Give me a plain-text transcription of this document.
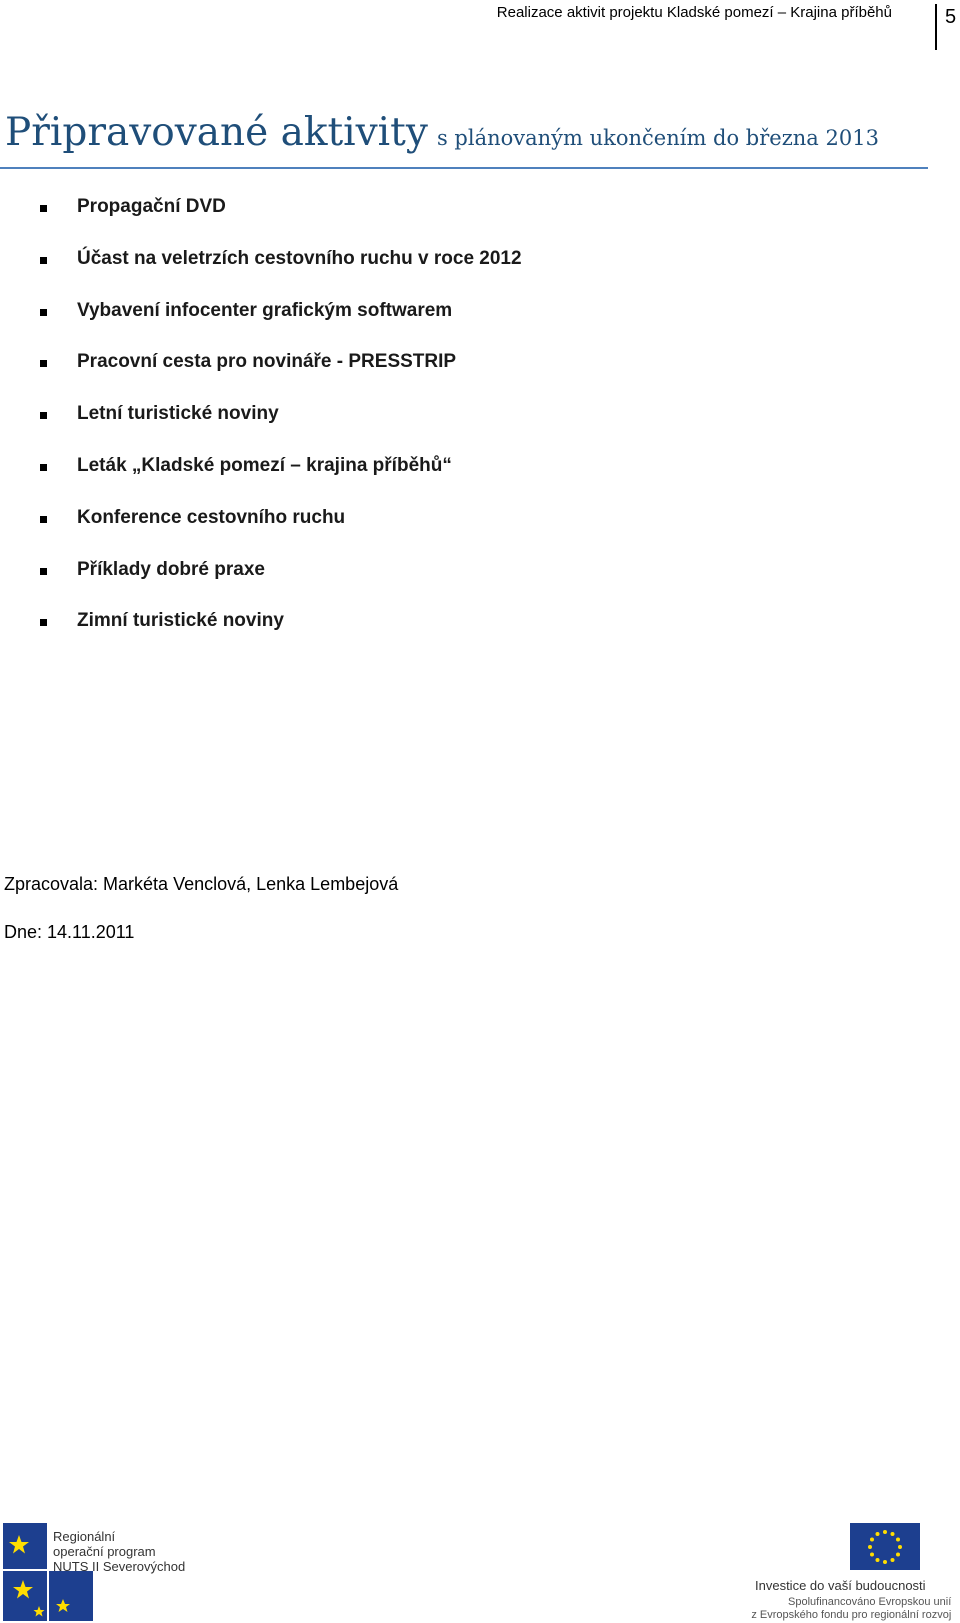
Realizace aktivit projektu Kladské pomezí – Krajina příběhů	5
Připravované aktivity s plánovaným ukončením do března 2013
Propagační DVD
Účast na veletrzích cestovního ruchu v roce 2012
Vybavení infocenter grafickým softwarem
Pracovní cesta pro novináře - PRESSTRIP
Letní turistické noviny
Leták „Kladské pomezí – krajina příběhů“
Konference cestovního ruchu
Příklady dobré praxe
Zimní turistické noviny
Zpracovala: Markéta Venclová, Lenka Lembejová
Dne: 14.11.2011
Regionální
operační program
NUTS II Severovýchod
Investice do vaší budoucnosti
Spolufinancováno Evropskou unií
z Evropského fondu pro regionální rozvoj
